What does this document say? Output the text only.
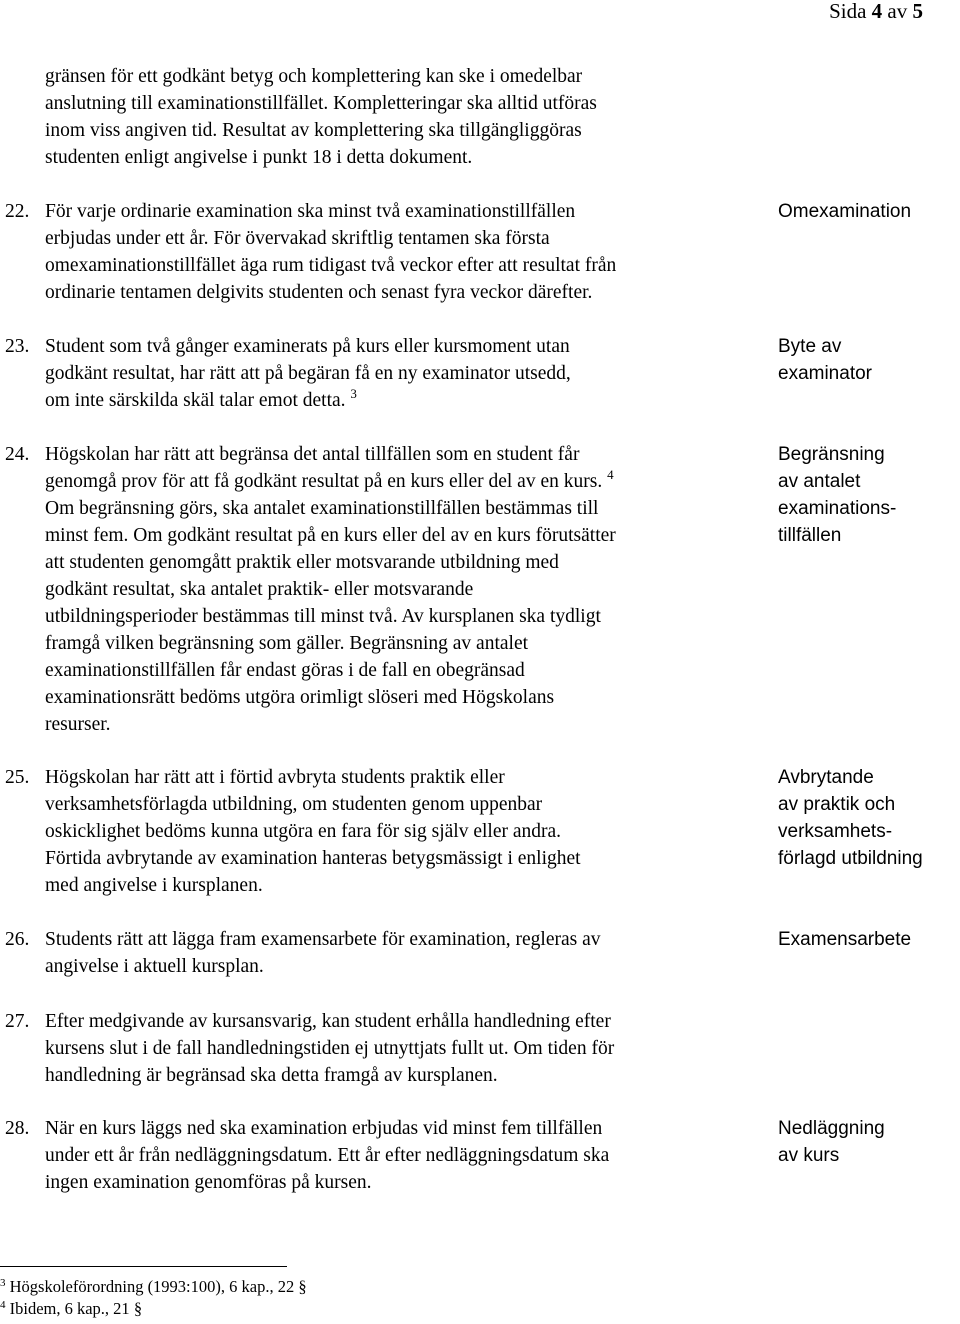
Sida 4 av 5
gränsen för ett godkänt betyg och komplettering kan ske i omedelbar
anslutning till examinationstillfället. Kompletteringar ska alltid utföras
inom viss angiven tid. Resultat av komplettering ska tillgängliggöras
studenten enligt angivelse i punkt 18 i detta dokument.
22. För varje ordinarie examination ska minst två examinationstillfällen
erbjudas under ett år. För övervakad skriftlig tentamen ska första
omexaminationstillfället äga rum tidigast två veckor efter att resultat från
ordinarie tentamen delgivits studenten och senast fyra veckor därefter.
Omexamination
23. Student som två gånger examinerats på kurs eller kursmoment utan
godkänt resultat, har rätt att på begäran få en ny examinator utsedd,
om inte särskilda skäl talar emot detta. $^3$
Byte av
examinator
24. Högskolan har rätt att begränsa det antal tillfällen som en student får
genomgå prov för att få godkänt resultat på en kurs eller del av en kurs. $^4$
Om begränsning görs, ska antalet examinationstillfällen bestämmas till
minst fem. Om godkänt resultat på en kurs eller del av en kurs förutsätter
att studenten genomgått praktik eller motsvarande utbildning med
godkänt resultat, ska antalet praktik- eller motsvarande
utbildningsperioder bestämmas till minst två. Av kursplanen ska tydligt
framgå vilken begränsning som gäller. Begränsning av antalet
examinationstillfällen får endast göras i de fall en obegränsad
examinationsrätt bedöms utgöra orimligt slöseri med Högskolans
resurser.
Begränsning
av antalet
examinations-
tillfällen
25. Högskolan har rätt att i förtid avbryta students praktik eller
verksamhetsförlagda utbildning, om studenten genom uppenbar
oskicklighet bedöms kunna utgöra en fara för sig själv eller andra.
Förtida avbrytande av examination hanteras betygsmässigt i enlighet
med angivelse i kursplanen.
Avbrytande
av praktik och
verksamhets-
förlagd utbildning
26. Students rätt att lägga fram examensarbete för examination, regleras av
angivelse i aktuell kursplan.
Examensarbete
27. Efter medgivande av kursansvarig, kan student erhålla handledning efter
kursens slut i de fall handledningstiden ej utnyttjats fullt ut. Om tiden för
handledning är begränsad ska detta framgå av kursplanen.
28. När en kurs läggs ned ska examination erbjudas vid minst fem tillfällen
under ett år från nedläggningsdatum. Ett år efter nedläggningsdatum ska
ingen examination genomföras på kursen.
Nedläggning
av kurs
$^3$ Högskoleförordning (1993:100), 6 kap., 22 §
$^4$ Ibidem, 6 kap., 21 §
